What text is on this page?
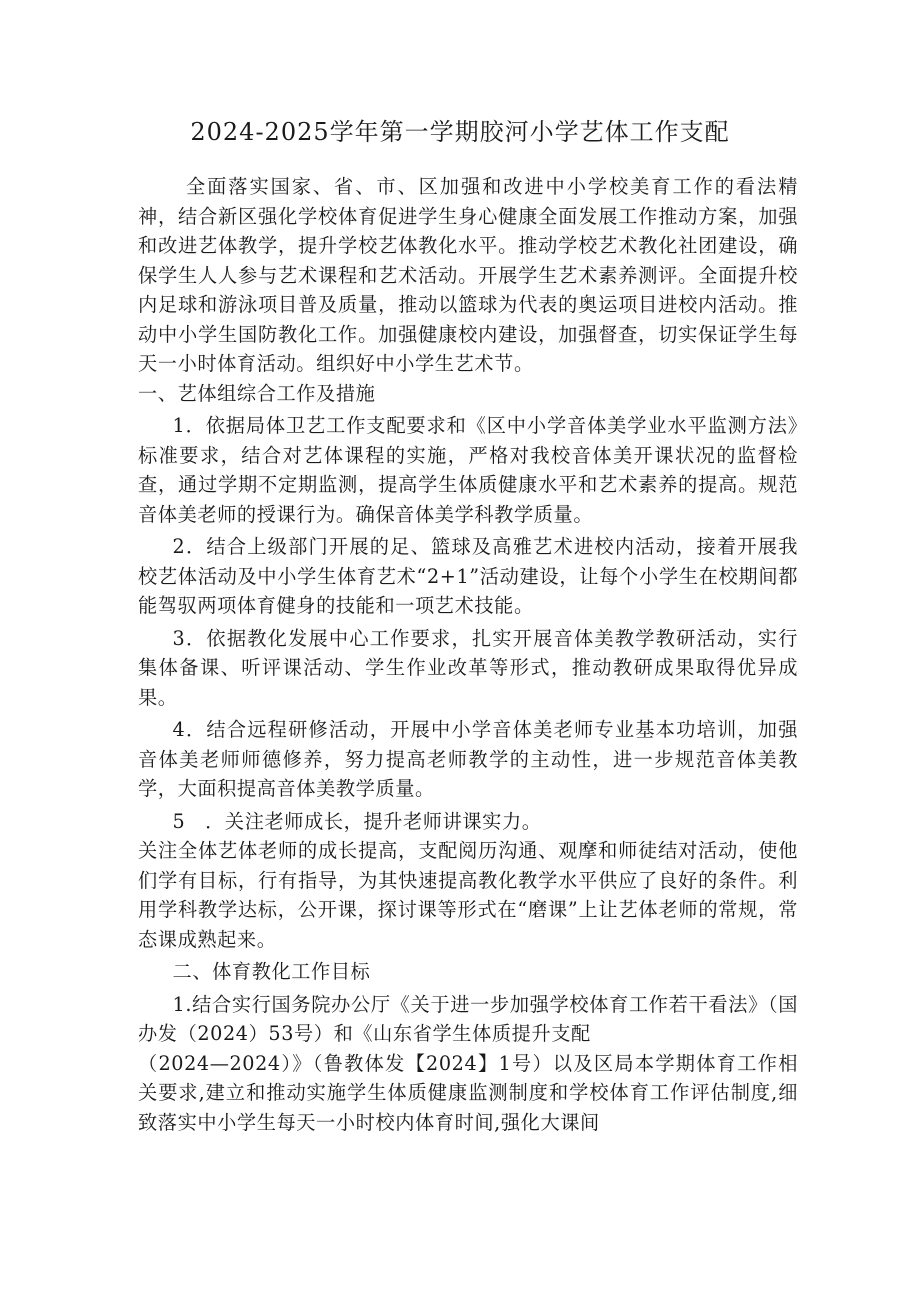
2024-2025学年第一学期胶河小学艺体工作支配

全面落实国家、省、市、区加强和改进中小学校美育工作的看法精神，结合新区强化学校体育促进学生身心健康全面发展工作推动方案，加强和改进艺体教学，提升学校艺体教化水平。推动学校艺术教化社团建设，确保学生人人参与艺术课程和艺术活动。开展学生艺术素养测评。全面提升校内足球和游泳项目普及质量，推动以篮球为代表的奥运项目进校内活动。推动中小学生国防教化工作。加强健康校内建设，加强督查，切实保证学生每天一小时体育活动。组织好中小学生艺术节。

一、艺体组综合工作及措施

1．依据局体卫艺工作支配要求和《区中小学音体美学业水平监测方法》标准要求，结合对艺体课程的实施，严格对我校音体美开课状况的监督检查，通过学期不定期监测，提高学生体质健康水平和艺术素养的提高。规范音体美老师的授课行为。确保音体美学科教学质量。

2．结合上级部门开展的足、篮球及高雅艺术进校内活动，接着开展我校艺体活动及中小学生体育艺术“2+1”活动建设，让每个小学生在校期间都能驾驭两项体育健身的技能和一项艺术技能。

3．依据教化发展中心工作要求，扎实开展音体美教学教研活动，实行集体备课、听评课活动、学生作业改革等形式，推动教研成果取得优异成果。

4．结合远程研修活动，开展中小学音体美老师专业基本功培训，加强音体美老师师德修养，努力提高老师教学的主动性，进一步规范音体美教学，大面积提高音体美教学质量。

5　．关注老师成长，提升老师讲课实力。

关注全体艺体老师的成长提高，支配阅历沟通、观摩和师徒结对活动，使他们学有目标，行有指导，为其快速提高教化教学水平供应了良好的条件。利用学科教学达标，公开课，探讨课等形式在“磨课”上让艺体老师的常规，常态课成熟起来。

二、体育教化工作目标

1.结合实行国务院办公厅《关于进一步加强学校体育工作若干看法》（国办发（2024）53号）和《山东省学生体质提升支配

（2024—2024）》（鲁教体发【2024】1号）以及区局本学期体育工作相关要求,建立和推动实施学生体质健康监测制度和学校体育工作评估制度,细致落实中小学生每天一小时校内体育时间,强化大课间
